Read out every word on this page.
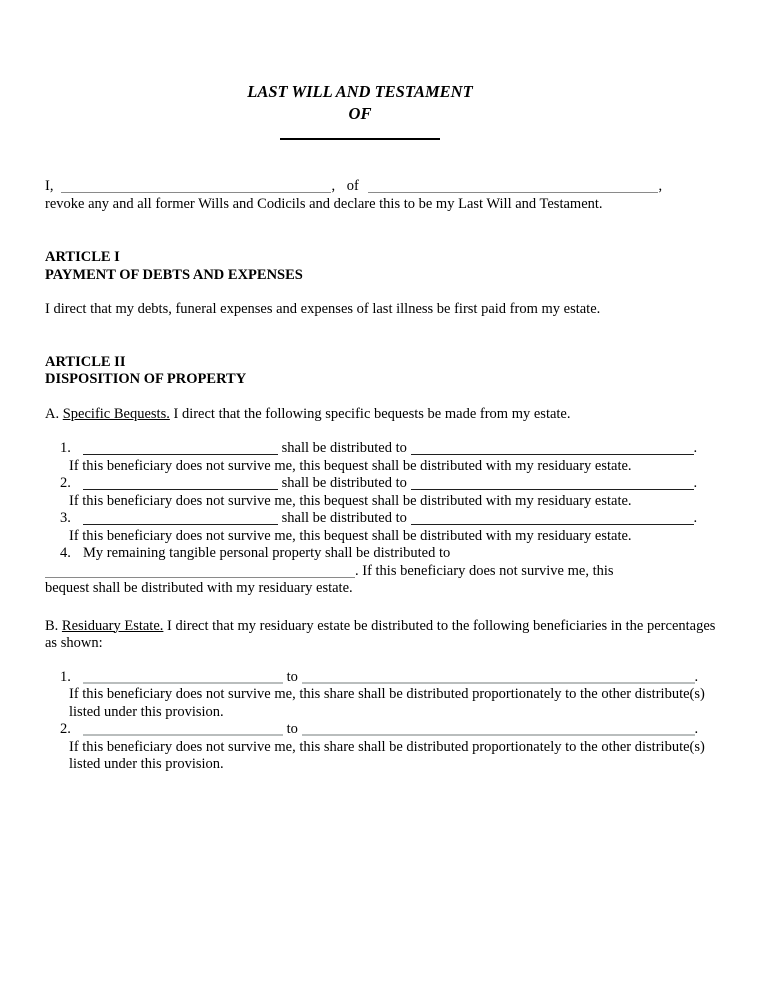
LAST WILL AND TESTAMENT
OF
I,	, of	,
revoke any and all former Wills and Codicils and declare this to be my Last Will and Testament.
ARTICLE I
PAYMENT OF DEBTS AND EXPENSES
I direct that my debts, funeral expenses and expenses of last illness be first paid from my estate.
ARTICLE II
DISPOSITION OF PROPERTY
A. Specific Bequests. I direct that the following specific bequests be made from my estate.
1.	shall be distributed to	.
If this beneficiary does not survive me, this bequest shall be distributed with my residuary estate.
2.	shall be distributed to	.
If this beneficiary does not survive me, this bequest shall be distributed with my residuary estate.
3.	shall be distributed to	.
If this beneficiary does not survive me, this bequest shall be distributed with my residuary estate.
4. My remaining tangible personal property shall be distributed to
. If this beneficiary does not survive me, this
bequest shall be distributed with my residuary estate.
B. Residuary Estate. I direct that my residuary estate be distributed to the following beneficiaries in the percentages as shown:
1.	to	.
If this beneficiary does not survive me, this share shall be distributed proportionately to the other distribute(s) listed under this provision.
2.	to	.
If this beneficiary does not survive me, this share shall be distributed proportionately to the other distribute(s) listed under this provision.
